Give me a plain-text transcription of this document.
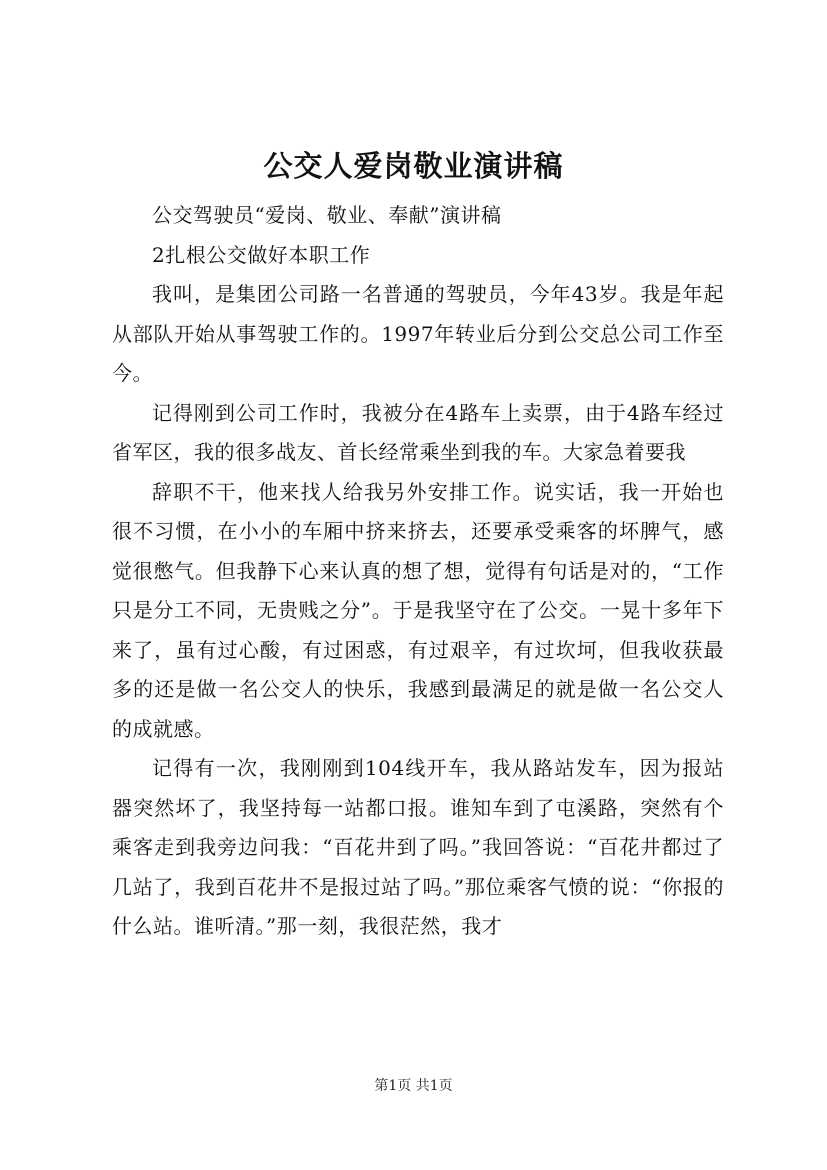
公交人爱岗敬业演讲稿

公交驾驶员“爱岗、敬业、奉献”演讲稿

2扎根公交做好本职工作

我叫，是集团公司路一名普通的驾驶员，今年43岁。我是年起从部队开始从事驾驶工作的。1997年转业后分到公交总公司工作至今。

记得刚到公司工作时，我被分在4路车上卖票，由于4路车经过省军区，我的很多战友、首长经常乘坐到我的车。大家急着要我

辞职不干，他来找人给我另外安排工作。说实话，我一开始也很不习惯，在小小的车厢中挤来挤去，还要承受乘客的坏脾气，感觉很憋气。但我静下心来认真的想了想，觉得有句话是对的，“工作只是分工不同，无贵贱之分”。于是我坚守在了公交。一晃十多年下来了，虽有过心酸，有过困惑，有过艰辛，有过坎坷，但我收获最多的还是做一名公交人的快乐，我感到最满足的就是做一名公交人的成就感。

记得有一次，我刚刚到104线开车，我从路站发车，因为报站器突然坏了，我坚持每一站都口报。谁知车到了屯溪路，突然有个乘客走到我旁边问我：“百花井到了吗。”我回答说：“百花井都过了几站了，我到百花井不是报过站了吗。”那位乘客气愤的说：“你报的什么站。谁听清。”那一刻，我很茫然，我才

第1页 共1页
